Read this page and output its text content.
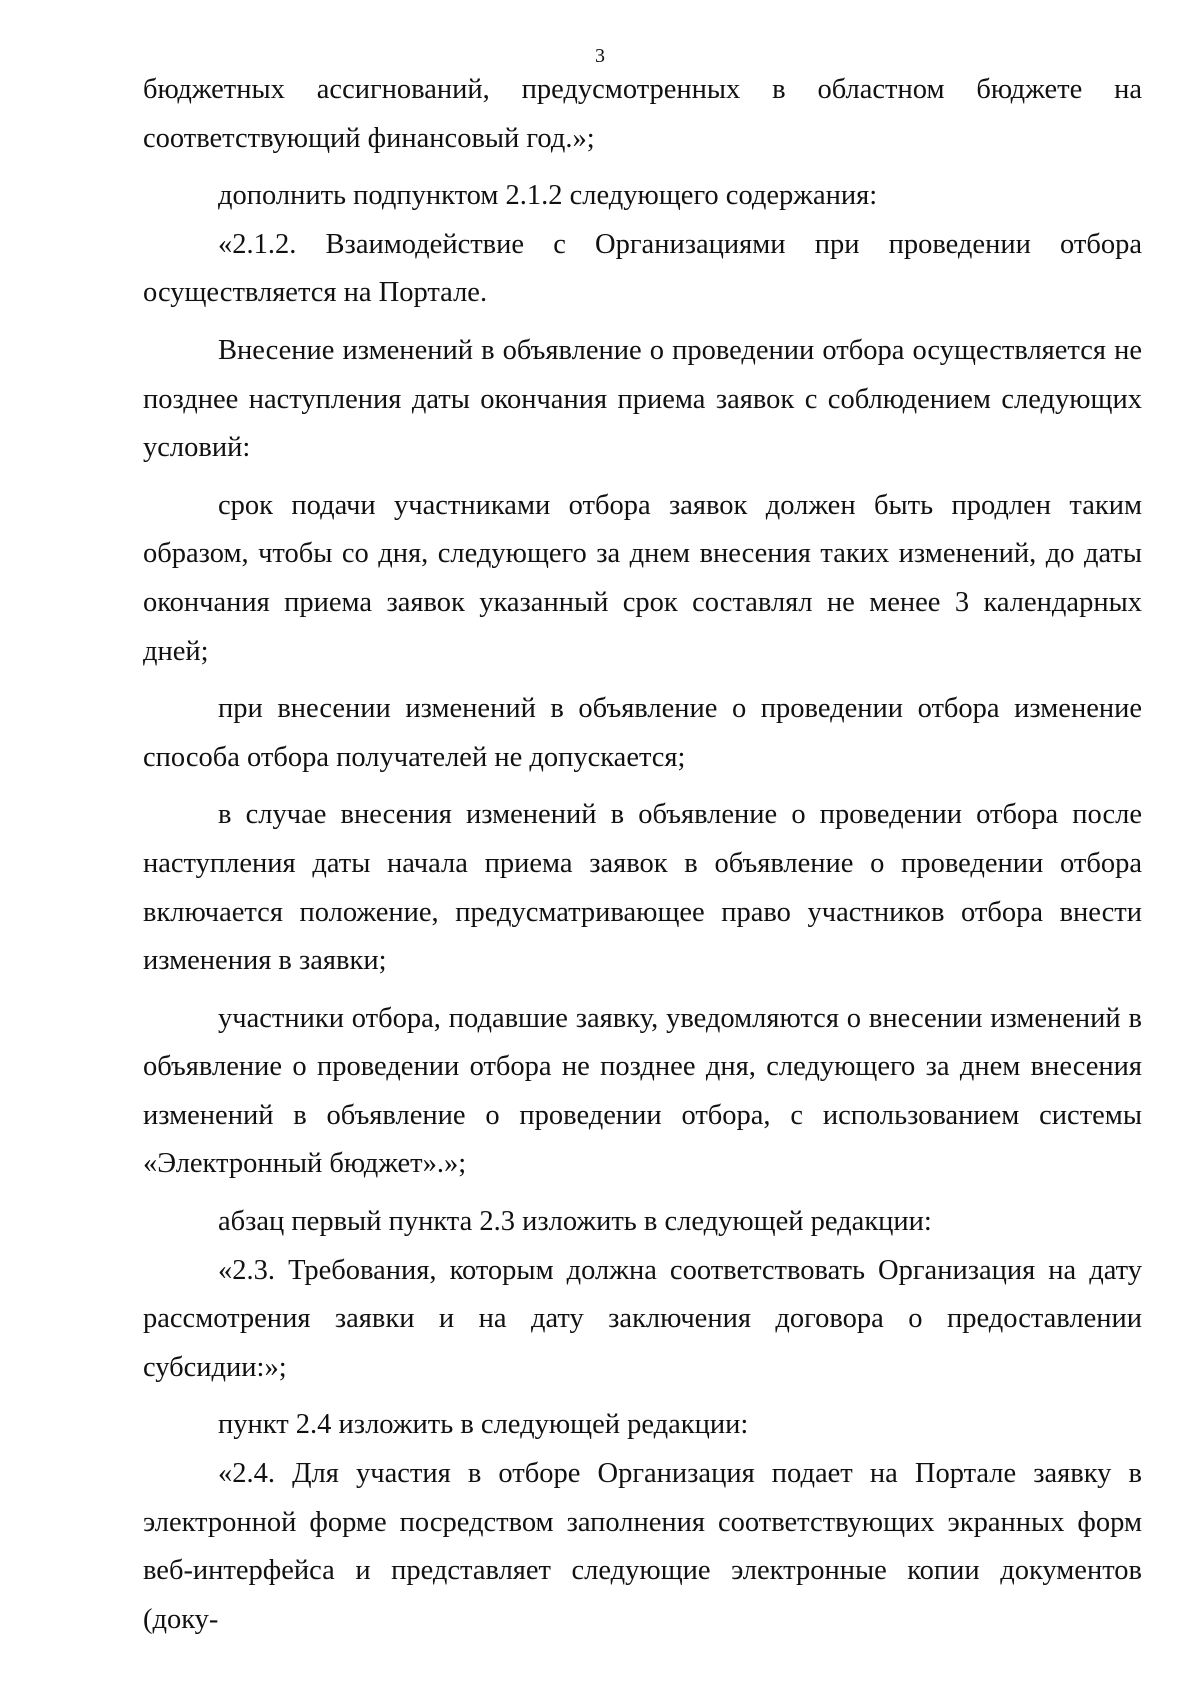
3

бюджетных ассигнований, предусмотренных в областном бюджете на соответствующий финансовый год.»;

дополнить подпунктом 2.1.2 следующего содержания:

«2.1.2. Взаимодействие с Организациями при проведении отбора осуществляется на Портале.

Внесение изменений в объявление о проведении отбора осуществляется не позднее наступления даты окончания приема заявок с соблюдением следующих условий:

срок подачи участниками отбора заявок должен быть продлен таким образом, чтобы со дня, следующего за днем внесения таких изменений, до даты окончания приема заявок указанный срок составлял не менее 3 календарных дней;

при внесении изменений в объявление о проведении отбора изменение способа отбора получателей не допускается;

в случае внесения изменений в объявление о проведении отбора после наступления даты начала приема заявок в объявление о проведении отбора включается положение, предусматривающее право участников отбора внести изменения в заявки;

участники отбора, подавшие заявку, уведомляются о внесении изменений в объявление о проведении отбора не позднее дня, следующего за днем внесения изменений в объявление о проведении отбора, с использованием системы «Электронный бюджет».»;

абзац первый пункта 2.3 изложить в следующей редакции:

«2.3. Требования, которым должна соответствовать Организация на дату рассмотрения заявки и на дату заключения договора о предоставлении субсидии:»;

пункт 2.4 изложить в следующей редакции:

«2.4. Для участия в отборе Организация подает на Портале заявку в электронной форме посредством заполнения соответствующих экранных форм веб-интерфейса и представляет следующие электронные копии документов (доку-
